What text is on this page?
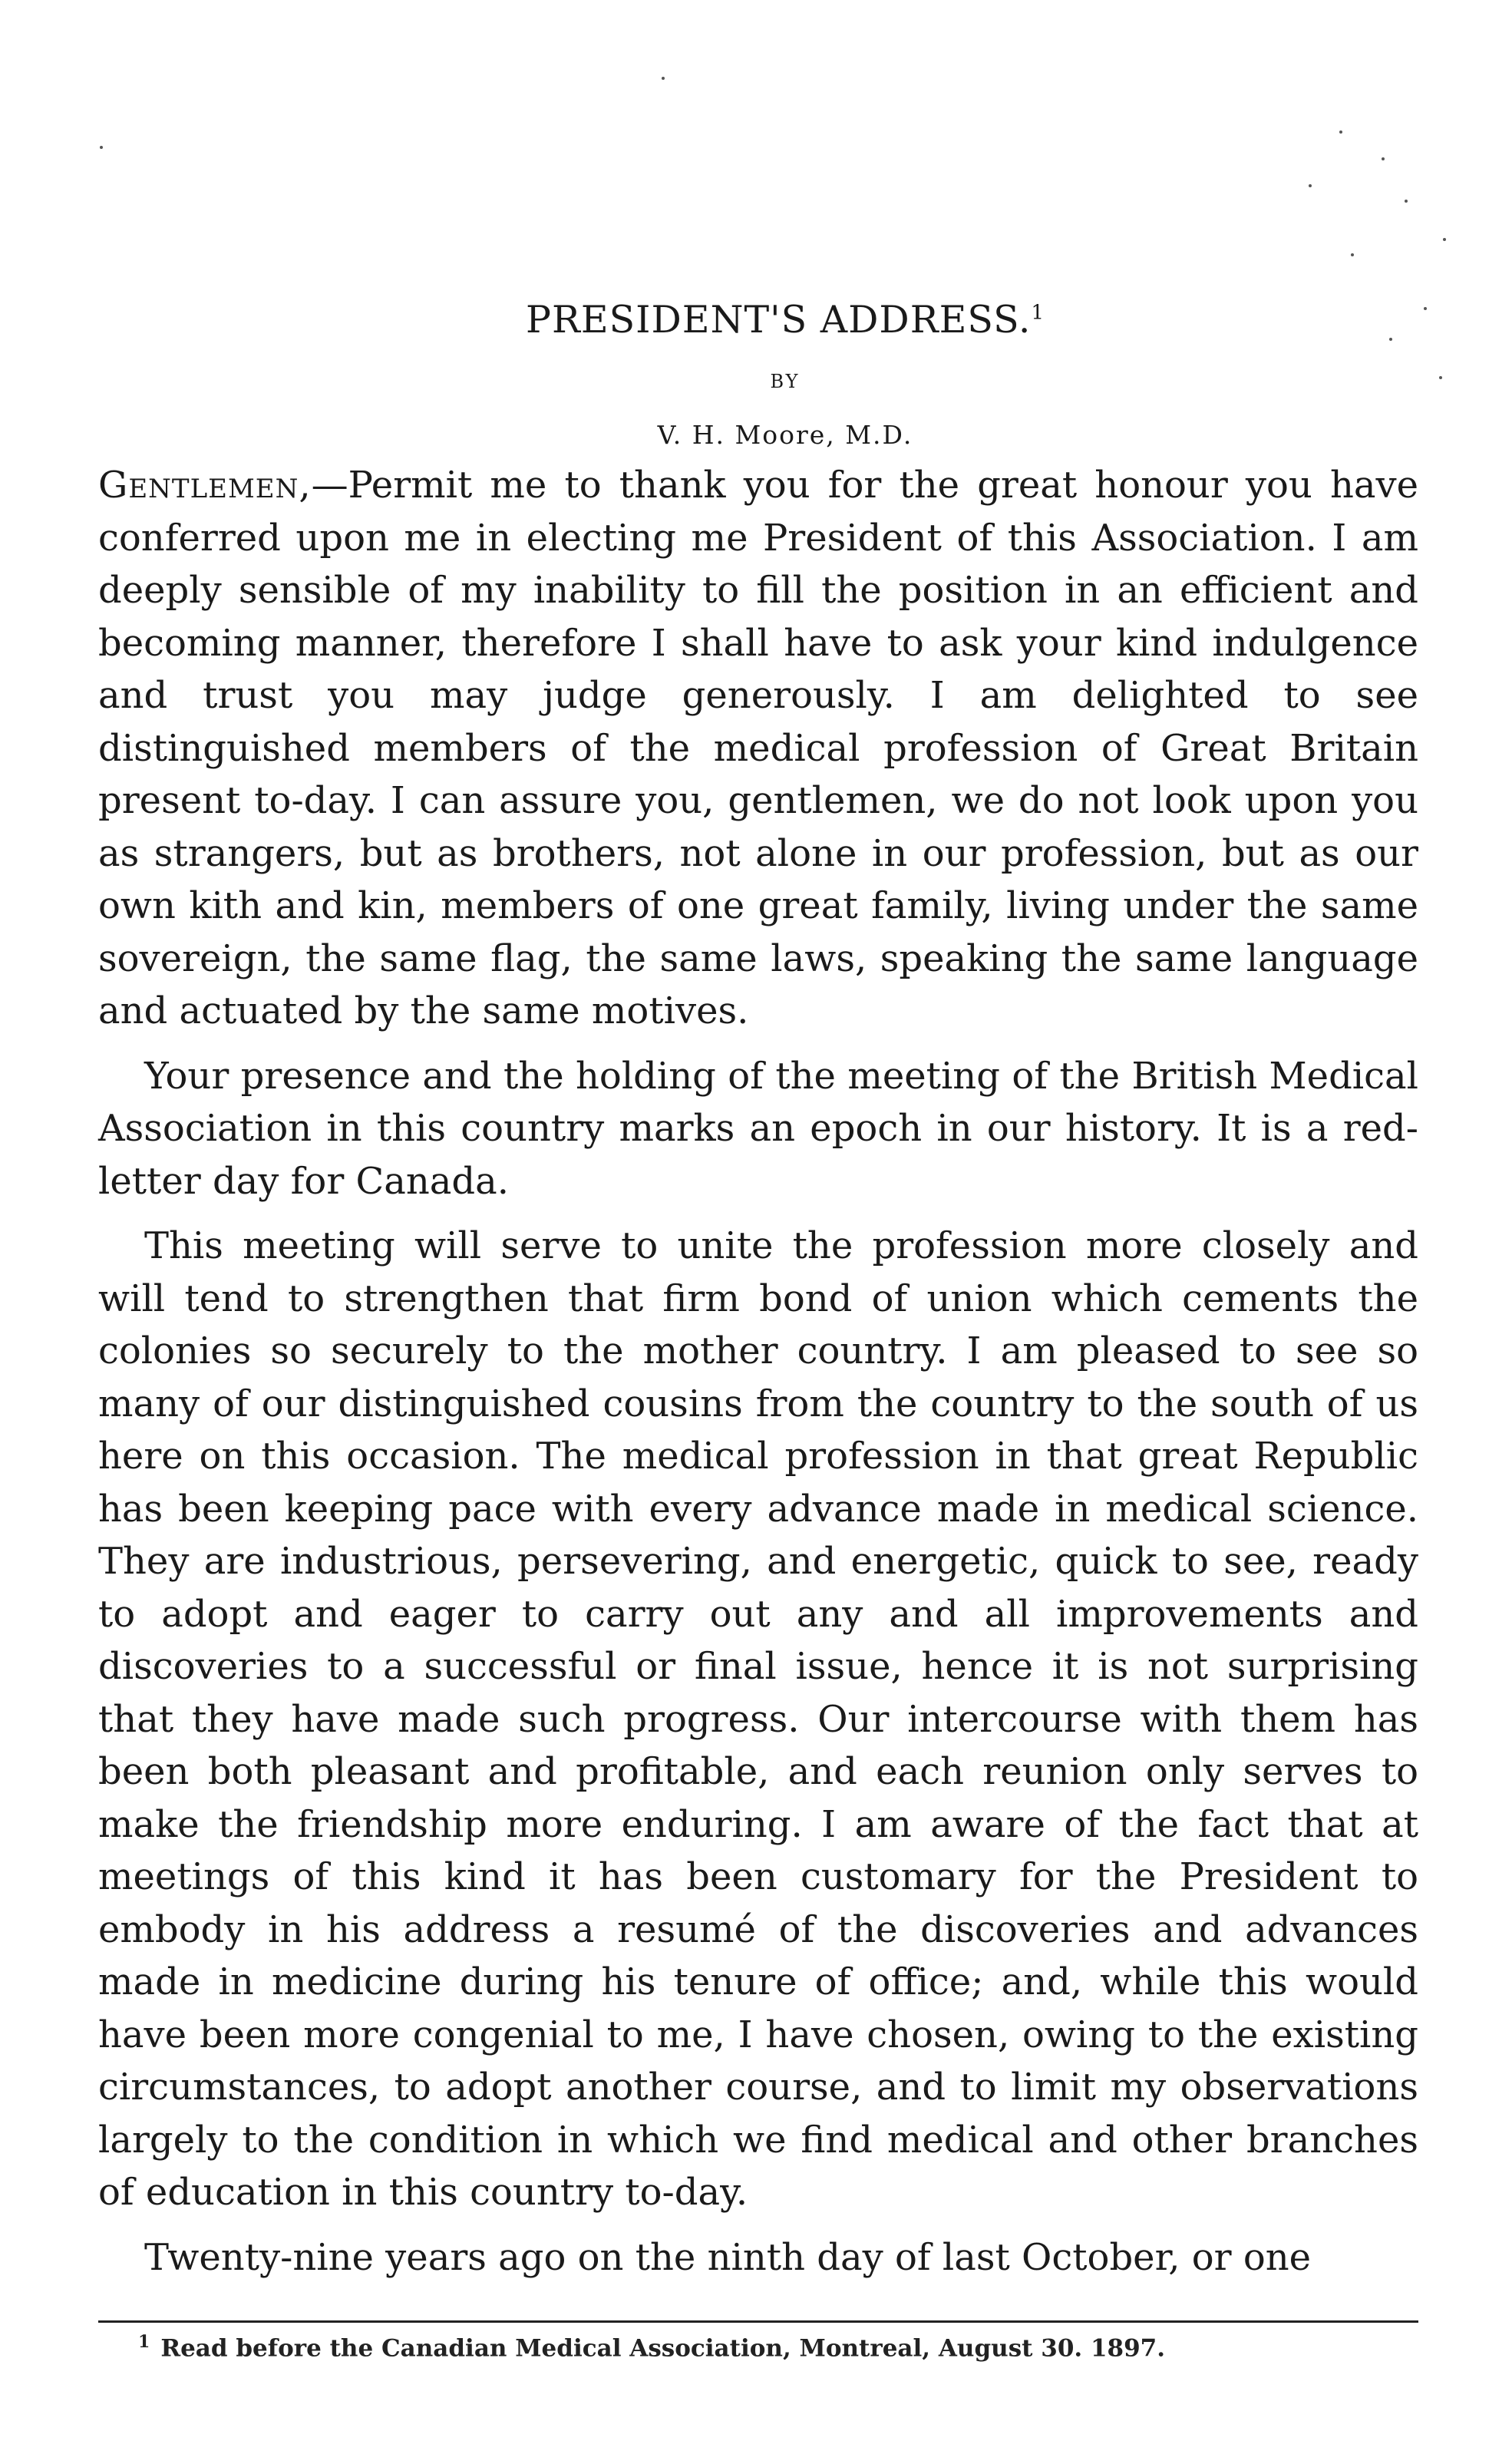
PRESIDENT'S ADDRESS.$^1$
BY
V. H. Moore, M.D.

Gentlemen,—Permit me to thank you for the great honour you have conferred upon me in electing me President of this Association. I am deeply sensible of my inability to fill the position in an efficient and becoming manner, therefore I shall have to ask your kind indulgence and trust you may judge generously. I am delighted to see distinguished members of the medical profession of Great Britain present to-day. I can assure you, gentlemen, we do not look upon you as strangers, but as brothers, not alone in our profession, but as our own kith and kin, members of one great family, living under the same sovereign, the same flag, the same laws, speaking the same language and actuated by the same motives.

Your presence and the holding of the meeting of the British Medical Association in this country marks an epoch in our history. It is a red-letter day for Canada.

This meeting will serve to unite the profession more closely and will tend to strengthen that firm bond of union which cements the colonies so securely to the mother country. I am pleased to see so many of our distinguished cousins from the country to the south of us here on this occasion. The medical profession in that great Republic has been keeping pace with every advance made in medical science. They are industrious, persevering, and energetic, quick to see, ready to adopt and eager to carry out any and all improvements and discoveries to a successful or final issue, hence it is not surprising that they have made such progress. Our intercourse with them has been both pleasant and profitable, and each reunion only serves to make the friendship more enduring. I am aware of the fact that at meetings of this kind it has been customary for the President to embody in his address a resumé of the discoveries and advances made in medicine during his tenure of office; and, while this would have been more congenial to me, I have chosen, owing to the existing circumstances, to adopt another course, and to limit my observations largely to the condition in which we find medical and other branches of education in this country to-day.

Twenty-nine years ago on the ninth day of last October, or one

$^1$ Read before the Canadian Medical Association, Montreal, August 30. 1897.
